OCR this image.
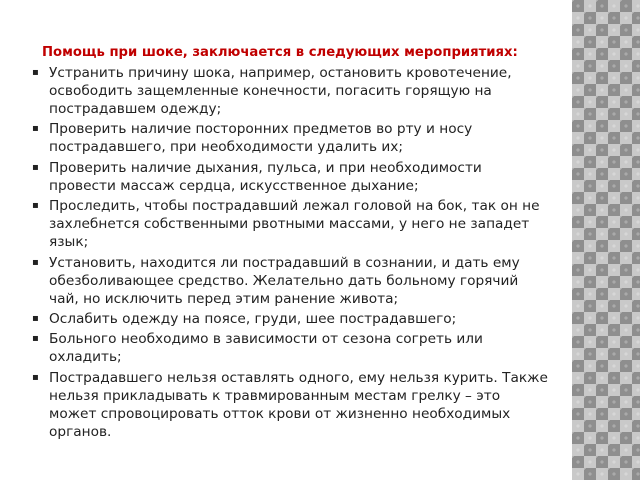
Помощь при шоке, заключается в следующих мероприятиях:
▪ Устранить причину шока, например, остановить кровотечение, освободить защемленные конечности, погасить горящую на пострадавшем одежду;
▪ Проверить наличие посторонних предметов во рту и носу пострадавшего, при необходимости удалить их;
▪ Проверить наличие дыхания, пульса, и при необходимости провести массаж сердца, искусственное дыхание;
▪ Проследить, чтобы пострадавший лежал головой на бок, так он не захлебнется собственными рвотными массами, у него не западет язык;
▪ Установить, находится ли пострадавший в сознании, и дать ему обезболивающее средство. Желательно дать больному горячий чай, но исключить перед этим ранение живота;
▪ Ослабить одежду на поясе, груди, шее пострадавшего;
▪ Больного необходимо в зависимости от сезона согреть или охладить;
▪ Пострадавшего нельзя оставлять одного, ему нельзя курить. Также нельзя прикладывать к травмированным местам грелку – это может спровоцировать отток крови от жизненно необходимых органов.
